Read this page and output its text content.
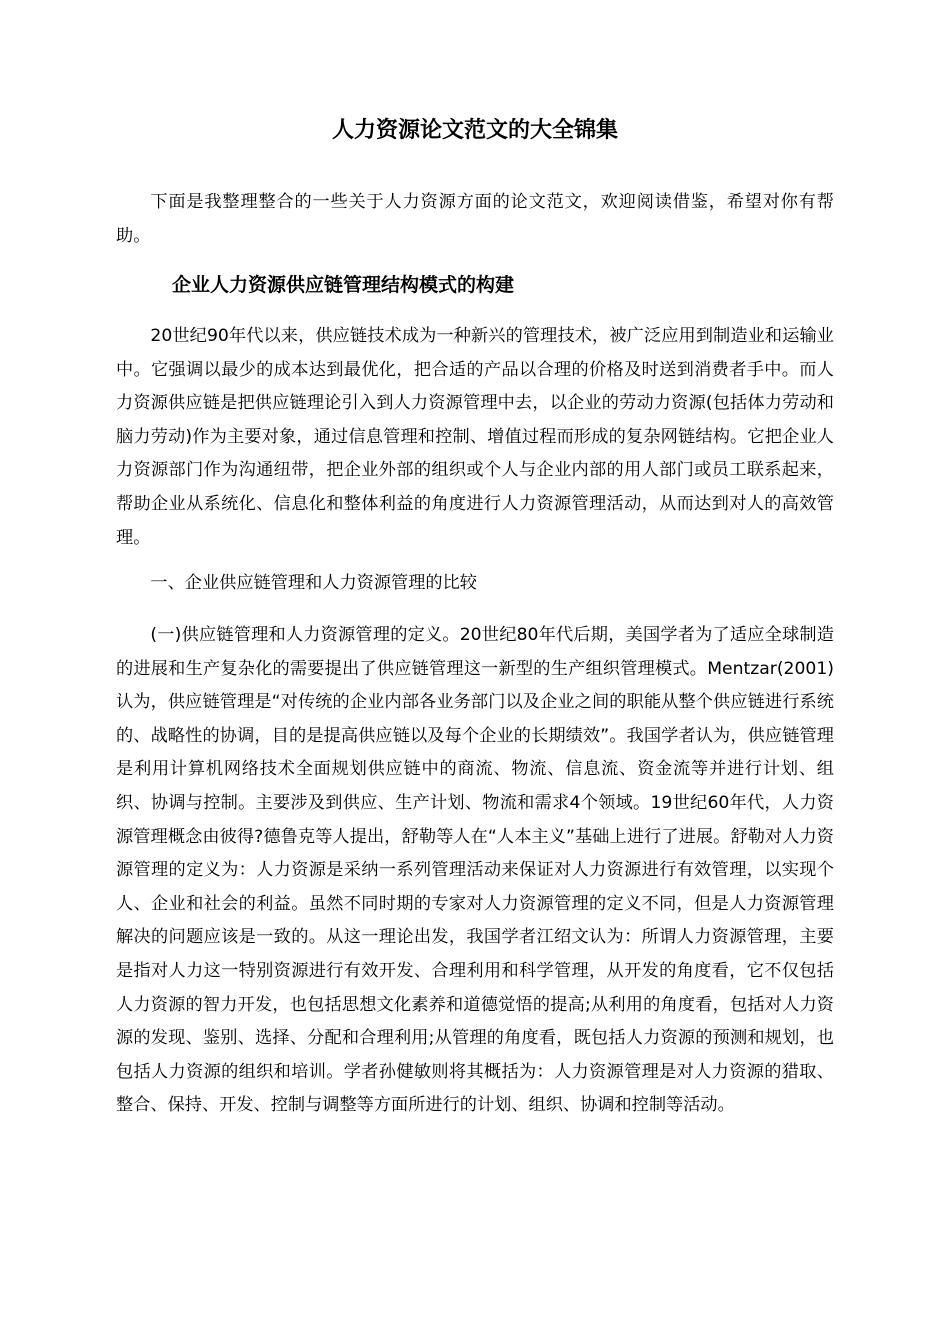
人力资源论文范文的大全锦集

下面是我整理整合的一些关于人力资源方面的论文范文，欢迎阅读借鉴，希望对你有帮助。

企业人力资源供应链管理结构模式的构建

20世纪90年代以来，供应链技术成为一种新兴的管理技术，被广泛应用到制造业和运输业中。它强调以最少的成本达到最优化，把合适的产品以合理的价格及时送到消费者手中。而人力资源供应链是把供应链理论引入到人力资源管理中去，以企业的劳动力资源(包括体力劳动和脑力劳动)作为主要对象，通过信息管理和控制、增值过程而形成的复杂网链结构。它把企业人力资源部门作为沟通纽带，把企业外部的组织或个人与企业内部的用人部门或员工联系起来，帮助企业从系统化、信息化和整体利益的角度进行人力资源管理活动，从而达到对人的高效管理。

一、企业供应链管理和人力资源管理的比较

(一)供应链管理和人力资源管理的定义。20世纪80年代后期，美国学者为了适应全球制造的进展和生产复杂化的需要提出了供应链管理这一新型的生产组织管理模式。Mentzar(2001)认为，供应链管理是“对传统的企业内部各业务部门以及企业之间的职能从整个供应链进行系统的、战略性的协调，目的是提高供应链以及每个企业的长期绩效”。我国学者认为，供应链管理是利用计算机网络技术全面规划供应链中的商流、物流、信息流、资金流等并进行计划、组织、协调与控制。主要涉及到供应、生产计划、物流和需求4个领域。19世纪60年代，人力资源管理概念由彼得?德鲁克等人提出，舒勒等人在“人本主义”基础上进行了进展。舒勒对人力资源管理的定义为：人力资源是采纳一系列管理活动来保证对人力资源进行有效管理，以实现个人、企业和社会的利益。虽然不同时期的专家对人力资源管理的定义不同，但是人力资源管理解决的问题应该是一致的。从这一理论出发，我国学者江绍文认为：所谓人力资源管理，主要是指对人力这一特别资源进行有效开发、合理利用和科学管理，从开发的角度看，它不仅包括人力资源的智力开发，也包括思想文化素养和道德觉悟的提高;从利用的角度看，包括对人力资源的发现、鉴别、选择、分配和合理利用;从管理的角度看，既包括人力资源的预测和规划，也包括人力资源的组织和培训。学者孙健敏则将其概括为：人力资源管理是对人力资源的猎取、整合、保持、开发、控制与调整等方面所进行的计划、组织、协调和控制等活动。
